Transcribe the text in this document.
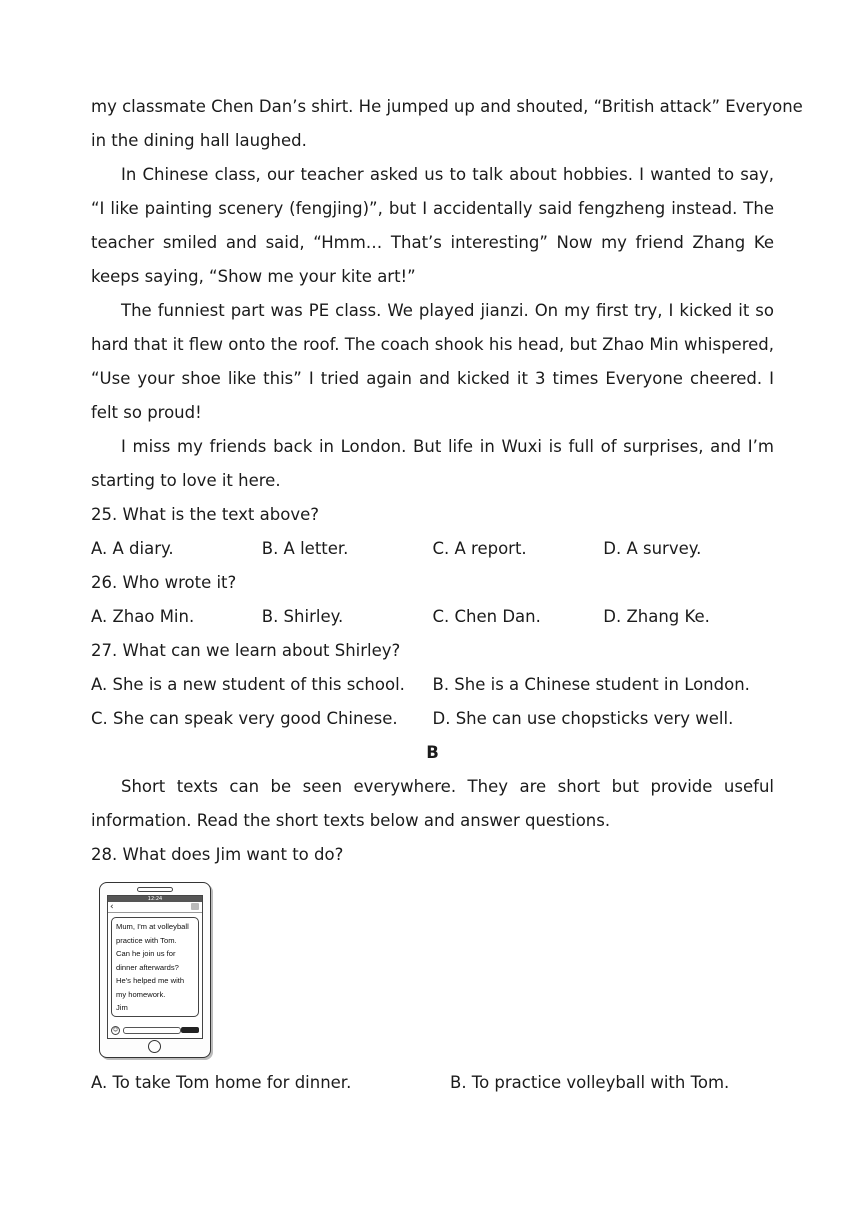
my classmate Chen Dan’s shirt. He jumped up and shouted, “British attack” Everyone
in the dining hall laughed.
In Chinese class, our teacher asked us to talk about hobbies. I wanted to say, “I like painting scenery (fengjing)”, but I accidentally said fengzheng instead. The teacher smiled and said, “Hmm… That’s interesting” Now my friend Zhang Ke keeps saying, “Show me your kite art!”
The funniest part was PE class. We played jianzi. On my first try, I kicked it so hard that it flew onto the roof. The coach shook his head, but Zhao Min whispered, “Use your shoe like this” I tried again and kicked it 3 times Everyone cheered. I felt so proud!
I miss my friends back in London. But life in Wuxi is full of surprises, and I’m starting to love it here.
25. What is the text above?
A. A diary.	B. A letter.	C. A report.	D. A survey.
26. Who wrote it?
A. Zhao Min.	B. Shirley.	C. Chen Dan.	D. Zhang Ke.
27. What can we learn about Shirley?
A. She is a new student of this school.	B. She is a Chinese student in London.
C. She can speak very good Chinese.	D. She can use chopsticks very well.
B
Short texts can be seen everywhere. They are short but provide useful information. Read the short texts below and answer questions.
28. What does Jim want to do?
12:24
‹
Mum, I'm at volleyball
practice with Tom.
Can he join us for
dinner afterwards?
He's helped me with
my homework.
Jim
☺
A. To take Tom home for dinner.	B. To practice volleyball with Tom.
